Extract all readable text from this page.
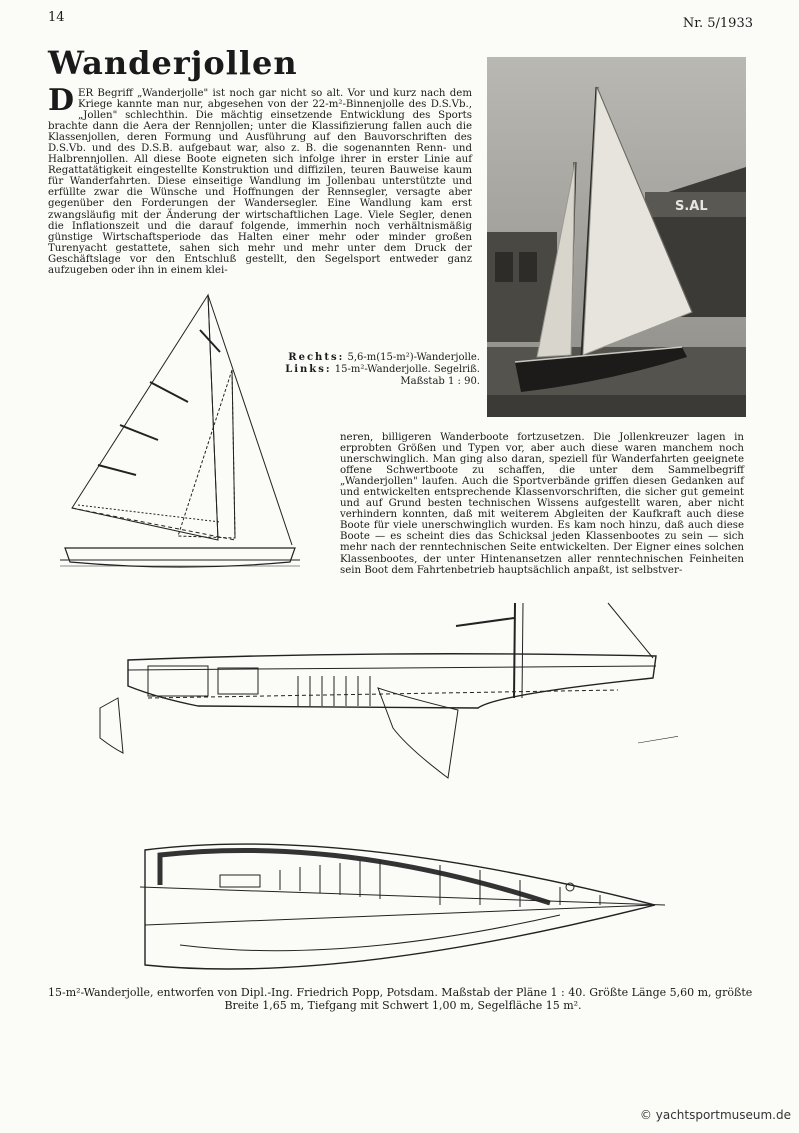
14	Nr. 5/1933
Wanderjollen
DER Begriff „Wanderjolle" ist noch gar nicht so alt. Vor und kurz nach dem Kriege kannte man nur, abgesehen von der 22-m²-Binnenjolle des D.S.Vb., „Jollen" schlechthin. Die mächtig einsetzende Entwicklung des Sports brachte dann die Aera der Rennjollen; unter die Klassifizierung fallen auch die Klassenjollen, deren Formung und Ausführung auf den Bauvorschriften des D.S.Vb. und des D.S.B. aufgebaut war, also z. B. die sogenannten Renn- und Halbrennjollen. All diese Boote eigneten sich infolge ihrer in erster Linie auf Regattatätigkeit eingestellte Konstruktion und diffizilen, teuren Bauweise kaum für Wanderfahrten. Diese einseitige Wandlung im Jollenbau unterstützte und erfüllte zwar die Wünsche und Hoffnungen der Rennsegler, versagte aber gegenüber den Forderungen der Wandersegler. Eine Wandlung kam erst zwangsläufig mit der Änderung der wirtschaftlichen Lage. Viele Segler, denen die Inflationszeit und die darauf folgende, immerhin noch verhältnismäßig günstige Wirtschaftsperiode das Halten einer mehr oder minder großen Turenyacht gestattete, sahen sich mehr und mehr unter dem Druck der Geschäftslage vor den Entschluß gestellt, den Segelsport entweder ganz aufzugeben oder ihn in einem klei-
S.AL
Rechts: 5,6-m(15-m²)-Wanderjolle.
Links: 15-m²-Wanderjolle. Segelriß.
Maßstab 1 : 90.
neren, billigeren Wanderboote fortzusetzen. Die Jollenkreuzer lagen in erprobten Größen und Typen vor, aber auch diese waren manchem noch unerschwinglich. Man ging also daran, speziell für Wanderfahrten geeignete offene Schwertboote zu schaffen, die unter dem Sammelbegriff „Wanderjollen" laufen. Auch die Sportverbände griffen diesen Gedanken auf und entwickelten entsprechende Klassenvorschriften, die sicher gut gemeint und auf Grund besten technischen Wissens aufgestellt waren, aber nicht verhindern konnten, daß mit weiterem Abgleiten der Kaufkraft auch diese Boote für viele unerschwinglich wurden. Es kam noch hinzu, daß auch diese Boote — es scheint dies das Schicksal jeden Klassenbootes zu sein — sich mehr nach der renntechnischen Seite entwickelten. Der Eigner eines solchen Klassenbootes, der unter Hintenansetzen aller renntechnischen Feinheiten sein Boot dem Fahrtenbetrieb hauptsächlich anpaßt, ist selbstver-
15-m²-Wanderjolle, entworfen von Dipl.-Ing. Friedrich Popp, Potsdam. Maßstab der Pläne 1 : 40. Größte Länge 5,60 m, größte
Breite 1,65 m, Tiefgang mit Schwert 1,00 m, Segelfläche 15 m².
© yachtsportmuseum.de
